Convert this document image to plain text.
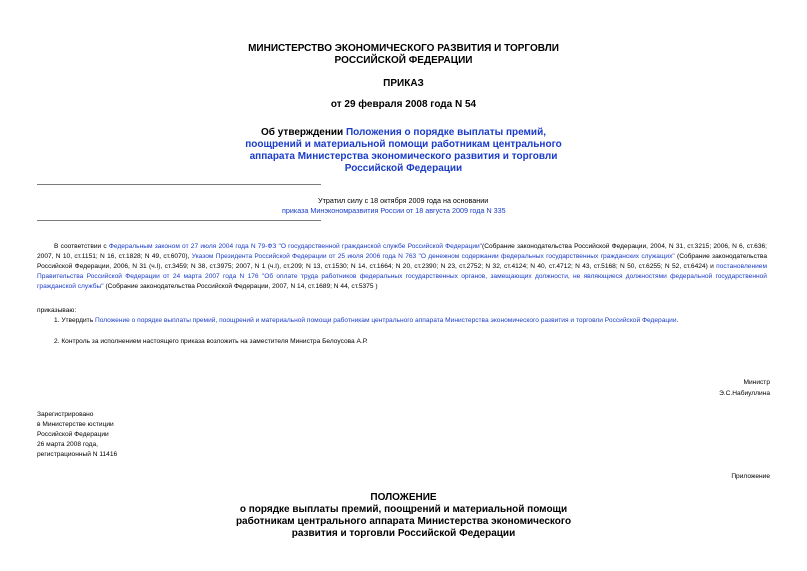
МИНИСТЕРСТВО ЭКОНОМИЧЕСКОГО РАЗВИТИЯ И ТОРГОВЛИ
РОССИЙСКОЙ ФЕДЕРАЦИИ
ПРИКАЗ
от 29 февраля 2008 года N 54
Об утверждении Положения о порядке выплаты премий,
поощрений и материальной помощи работникам центрального
аппарата Министерства экономического развития и торговли
Российской Федерации
Утратил силу с 18 октября 2009 года на основании
приказа Минэкономразвития России от 18 августа 2009 года N 335
В соответствии с Федеральным законом от 27 июля 2004 года N 79-ФЗ "О государственной гражданской службе Российской Федерации"(Собрание законодательства Российской Федерации, 2004, N 31, ст.3215; 2006, N 6, ст.636; 2007, N 10, ст.1151; N 16, ст.1828; N 49, ст.6070), Указом Президента Российской Федерации от 25 июля 2006 года N 763 "О денежном содержании федеральных государственных гражданских служащих" (Собрание законодательства Российской Федерации, 2006, N 31 (ч.I), ст.3459; N 38, ст.3975; 2007, N 1 (ч.I), ст.209; N 13, ст.1530; N 14, ст.1664; N 20, ст.2390; N 23, ст.2752; N 32, ст.4124; N 40, ст.4712; N 43, ст.5168; N 50, ст.6255; N 52, ст.6424) и постановлением Правительства Российской Федерации от 24 марта 2007 года N 176 "Об оплате труда работников федеральных государственных органов, замещающих должности, не являющиеся должностями федеральной государственной гражданской службы" (Собрание законодательства Российской Федерации, 2007, N 14, ст.1689; N 44, ст.5375 )
приказываю:
1. Утвердить Положение о порядке выплаты премий, поощрений и материальной помощи работникам центрального аппарата Министерства экономического развития и торговли Российской Федерации.
2. Контроль за исполнением настоящего приказа возложить на заместителя Министра Белоусова А.Р.
Министр
Э.С.Набиуллина
Зарегистрировано
в Министерстве юстиции
Российской Федерации
26 марта 2008 года,
регистрационный N 11416
Приложение
ПОЛОЖЕНИЕ
о порядке выплаты премий, поощрений и материальной помощи
работникам центрального аппарата Министерства экономического
развития и торговли Российской Федерации
